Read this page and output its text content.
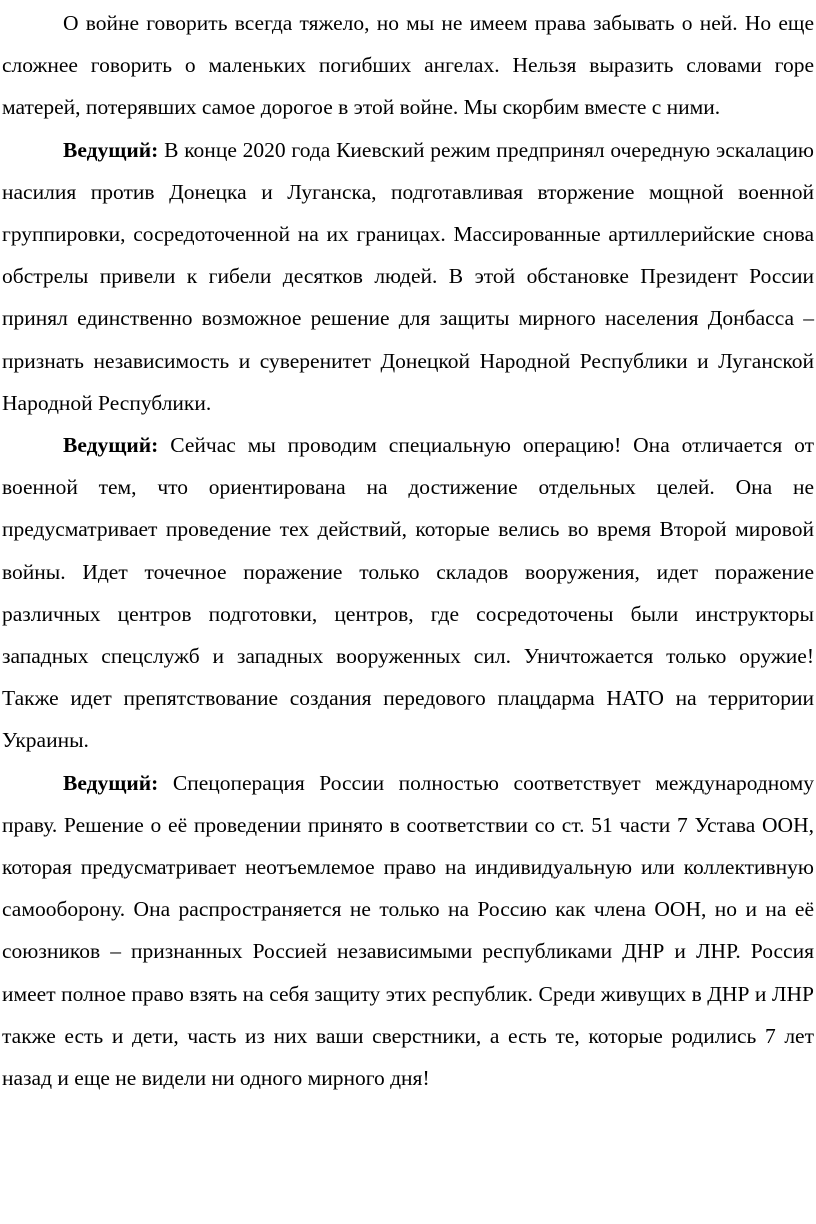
О войне говорить всегда тяжело, но мы не имеем права забывать о ней. Но еще сложнее говорить о маленьких погибших ангелах. Нельзя выразить словами горе матерей, потерявших самое дорогое в этой войне. Мы скорбим вместе с ними.

Ведущий: В конце 2020 года Киевский режим предпринял очередную эскалацию насилия против Донецка и Луганска, подготавливая вторжение мощной военной группировки, сосредоточенной на их границах. Массированные артиллерийские снова обстрелы привели к гибели десятков людей. В этой обстановке Президент России принял единственно возможное решение для защиты мирного населения Донбасса – признать независимость и суверенитет Донецкой Народной Республики и Луганской Народной Республики.

Ведущий: Сейчас мы проводим специальную операцию! Она отличается от военной тем, что ориентирована на достижение отдельных целей. Она не предусматривает проведение тех действий, которые велись во время Второй мировой войны. Идет точечное поражение только складов вооружения, идет поражение различных центров подготовки, центров, где сосредоточены были инструкторы западных спецслужб и западных вооруженных сил. Уничтожается только оружие! Также идет препятствование создания передового плацдарма НАТО на территории Украины.

Ведущий: Спецоперация России полностью соответствует международному праву. Решение о её проведении принято в соответствии со ст. 51 части 7 Устава ООН, которая предусматривает неотъемлемое право на индивидуальную или коллективную самооборону. Она распространяется не только на Россию как члена ООН, но и на её союзников – признанных Россией независимыми республиками ДНР и ЛНР. Россия имеет полное право взять на себя защиту этих республик. Среди живущих в ДНР и ЛНР также есть и дети, часть из них ваши сверстники, а есть те, которые родились 7 лет назад и еще не видели ни одного мирного дня!
